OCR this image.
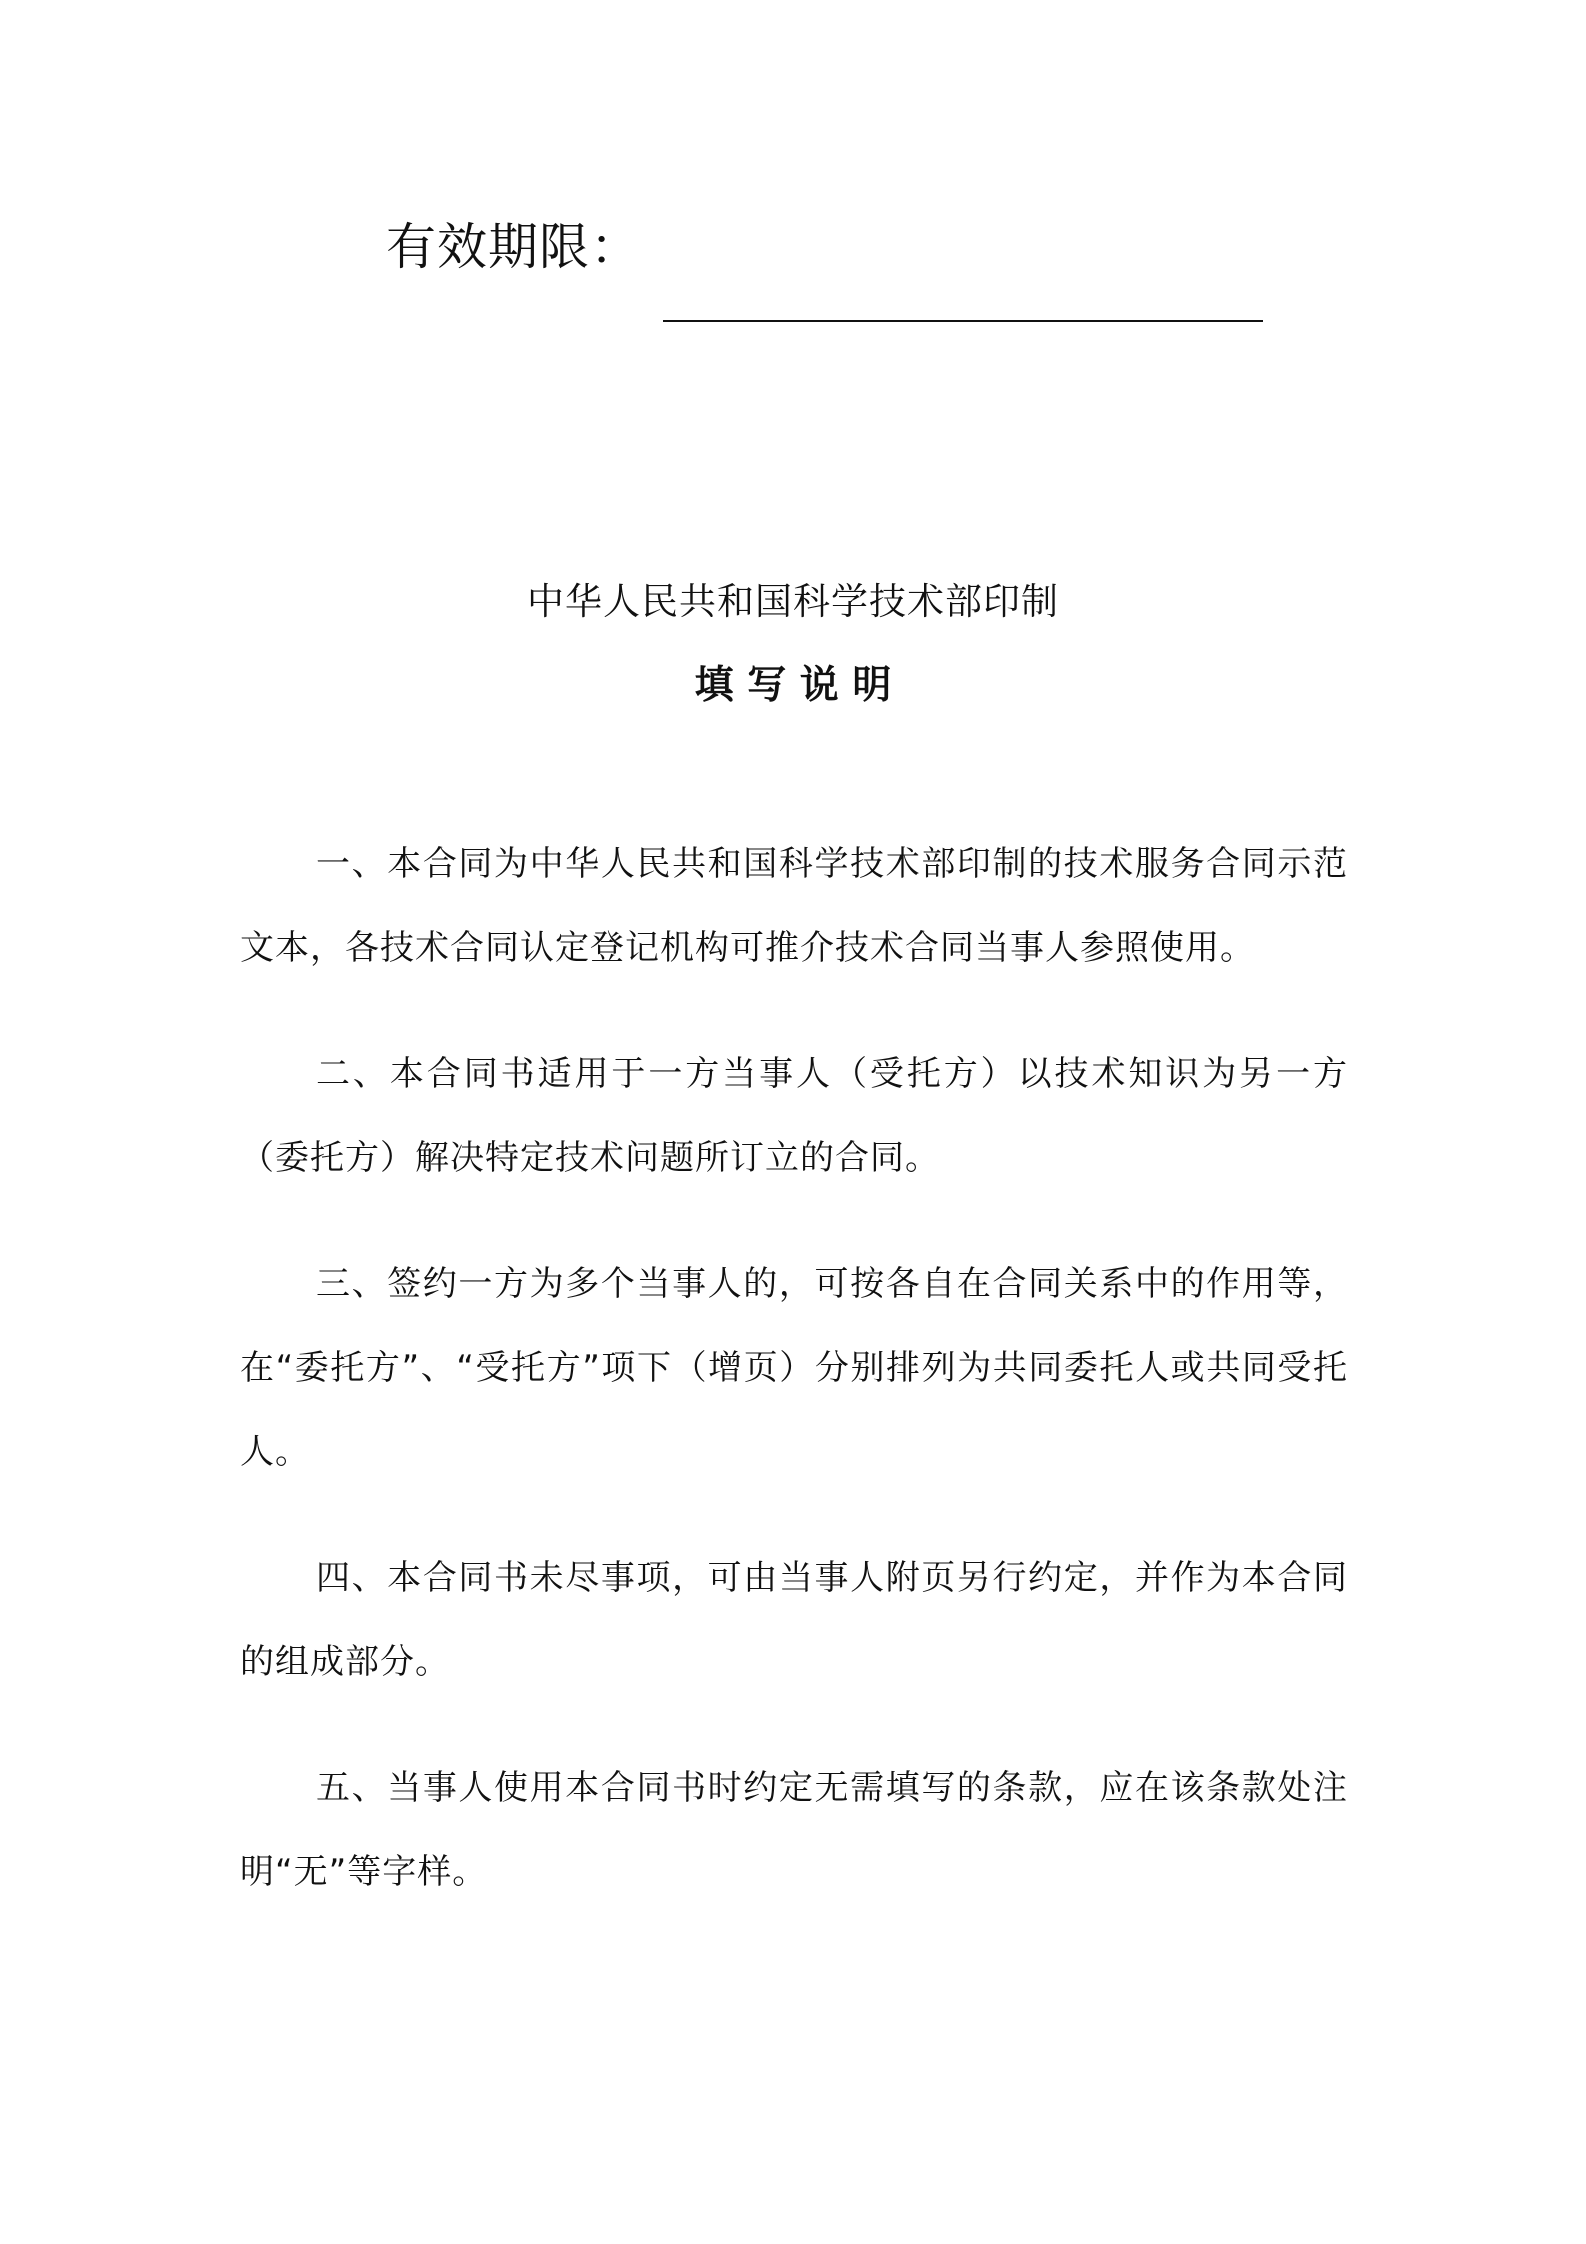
有效期限：
中华人民共和国科学技术部印制
填 写 说 明

一、本合同为中华人民共和国科学技术部印制的技术服务合同示范文本，各技术合同认定登记机构可推介技术合同当事人参照使用。

二、本合同书适用于一方当事人（受托方）以技术知识为另一方（委托方）解决特定技术问题所订立的合同。

三、签约一方为多个当事人的，可按各自在合同关系中的作用等，在“委托方”、“受托方”项下（增页）分别排列为共同委托人或共同受托人。

四、本合同书未尽事项，可由当事人附页另行约定，并作为本合同的组成部分。

五、当事人使用本合同书时约定无需填写的条款，应在该条款处注明“无”等字样。
